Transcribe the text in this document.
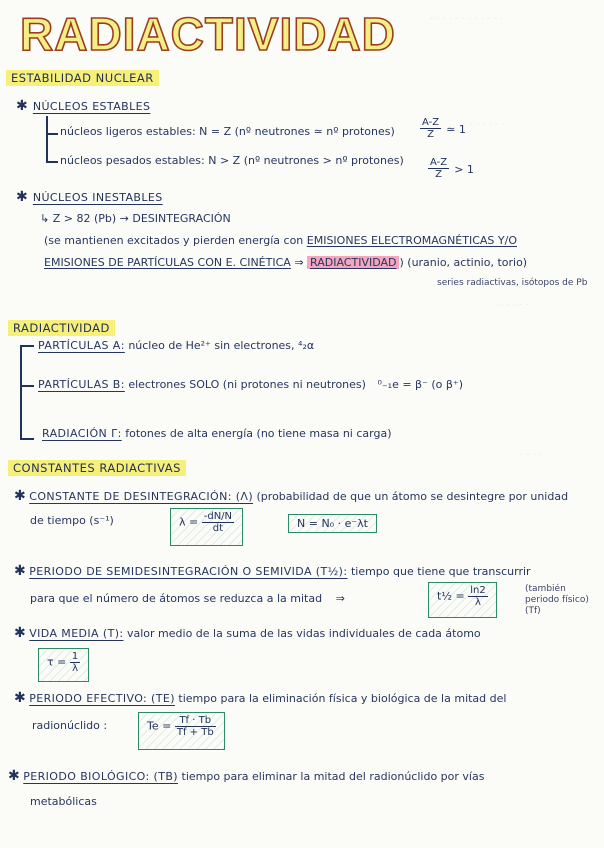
· · · · · · · · · · · ·
· · · · · ·
· · · · ·
· · · ·
RADIACTIVIDAD
ESTABILIDAD NUCLEAR
✱ NÚCLEOS ESTABLES
núcleos ligeros estables: N = Z (nº neutrones ≃ nº protones)	$\frac{A-Z}{Z}$ ≃ 1
núcleos pesados estables: N > Z (nº neutrones > nº protones) $\frac{A-Z}{Z} > 1$
✱ NÚCLEOS INESTABLES
↳ Z > 82 (Pb) → DESINTEGRACIÓN
(se mantienen excitados y pierden energía con EMISIONES ELECTROMAGNÉTICAS Y/O
EMISIONES DE PARTÍCULAS CON E. CINÉTICA ⇒ RADIACTIVIDAD ) (uranio, actinio, torio)
series radiactivas, isótopos de Pb
RADIACTIVIDAD
PARTÍCULAS Α: núcleo de He²⁺ sin electrones, ⁴₂α
PARTÍCULAS Β: electrones SOLO (ni protones ni neutrones) ⁰₋₁e = β⁻ (o β⁺)
RADIACIÓN Γ: fotones de alta energía (no tiene masa ni carga)
CONSTANTES RADIACTIVAS
✱ CONSTANTE DE DESINTEGRACIÓN: (Λ) (probabilidad de que un átomo se desintegre por unidad
de tiempo (s⁻¹)	$\lambda = \frac{-dN/N}{dt}$	N = N₀ · e⁻λt
✱ PERIODO DE SEMIDESINTEGRACIÓN O SEMIVIDA (T½): tiempo que tiene que transcurrir
para que el número de átomos se reduzca a la mitad ⇒	t½ = $\frac{\ln 2}{\lambda}$	(también
periodo físico)
(Tf)
✱ VIDA MEDIA (Τ): valor medio de la suma de las vidas individuales de cada átomo
$\tau = \frac{1}{\lambda}$
✱ PERIODO EFECTIVO: (TE) tiempo para la eliminación física y biológica de la mitad del
radionúclido :	$Te = \frac{Tf \cdot Tb}{Tf + Tb}$
✱ PERIODO BIOLÓGICO: (TB) tiempo para eliminar la mitad del radionúclido por vías
metabólicas
